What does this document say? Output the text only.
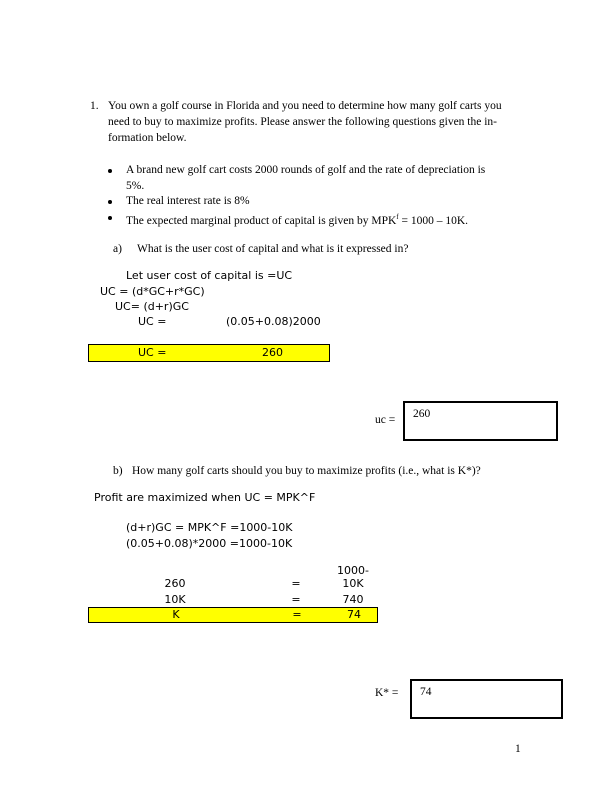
1. You own a golf course in Florida and you need to determine how many golf carts you
need to buy to maximize profits. Please answer the following questions given the in-
formation below.
A brand new golf cart costs 2000 rounds of golf and the rate of depreciation is
5%.
The real interest rate is 8%
The expected marginal product of capital is given by $MPK^f = 1000 - 10K$.
a) What is the user cost of capital and what is it expressed in?
Let user cost of capital is =UC
UC = (d*GC+r*GC)
UC= (d+r)GC
UC =	(0.05+0.08)2000
UC =	260
uc = 260
b) How many golf carts should you buy to maximize profits (i.e., what is K*)?
Profit are maximized when UC = MPK^F
(d+r)GC = MPK^F =1000-10K
(0.05+0.08)*2000 =1000-10K
1000-
260	=	10K
10K	=	740
K	=	74
K* = 74
1
